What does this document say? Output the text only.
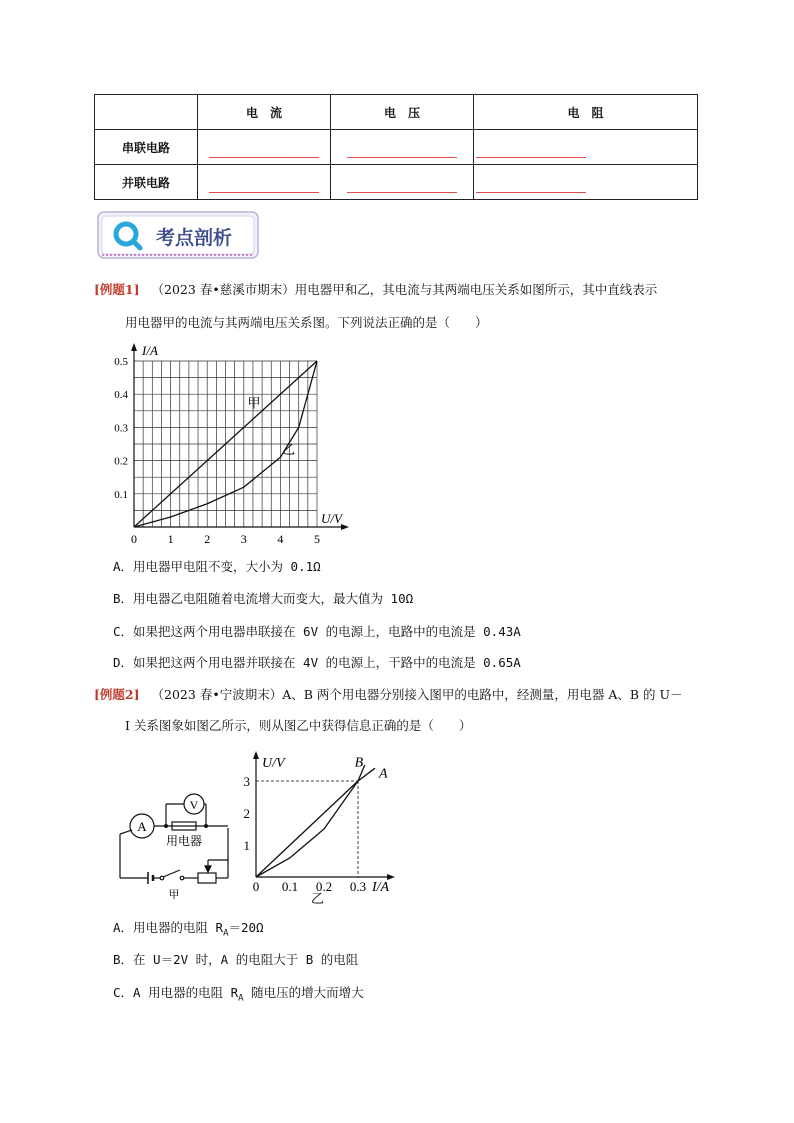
	电　流	电　压	电　阻
串联电路	

并联电路	

考点剖析
[例题1] （2023 春•慈溪市期末）用电器甲和乙，其电流与其两端电压关系如图所示，其中直线表示
用电器甲的电流与其两端电压关系图。下列说法正确的是（　　）
0	1	2	3	4	5
0.1
0.2
0.3
0.4
0.5
I/A
U/V
甲
乙
A．用电器甲电阻不变，大小为 0.1Ω
B．用电器乙电阻随着电流增大而变大，最大值为 10Ω
C．如果把这两个用电器串联接在 6V 的电源上，电路中的电流是 0.43A
D．如果把这两个用电器并联接在 4V 的电源上，干路中的电流是 0.65A
[例题2] （2023 春•宁波期末）A、B 两个用电器分别接入图甲的电路中，经测量，用电器 A、B 的 U－
I 关系图象如图乙所示，则从图乙中获得信息正确的是（　　）
A
V
用电器
甲
0 0.1 0.2 0.3
1
2
3
U/V
I/A
B
A
乙
A．用电器的电阻 $R_A=20\Omega$
B．在 U＝2V 时，A 的电阻大于 B 的电阻
C．A 用电器的电阻 $R_A$ 随电压的增大而增大
